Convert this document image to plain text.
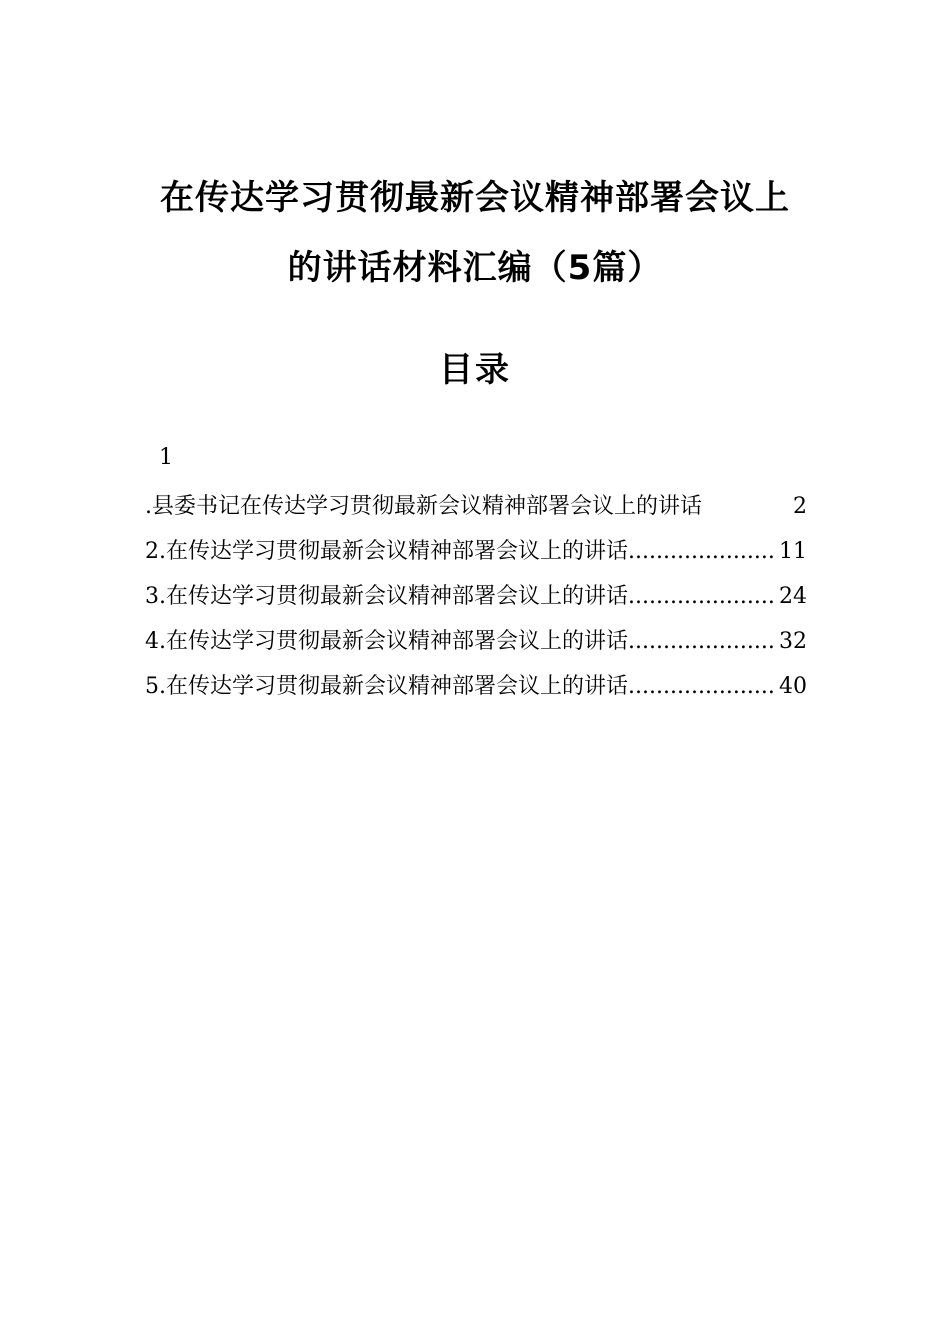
在传达学习贯彻最新会议精神部署会议上
的讲话材料汇编（5篇）
目录
1
. 县委书记在传达学习贯彻最新会议精神部署会议上的讲话	2
2. 在传达学习贯彻最新会议精神部署会议上的讲话 .....	11
3. 在传达学习贯彻最新会议精神部署会议上的讲话 .....	24
4. 在传达学习贯彻最新会议精神部署会议上的讲话 .....	32
5. 在传达学习贯彻最新会议精神部署会议上的讲话 .....	40
